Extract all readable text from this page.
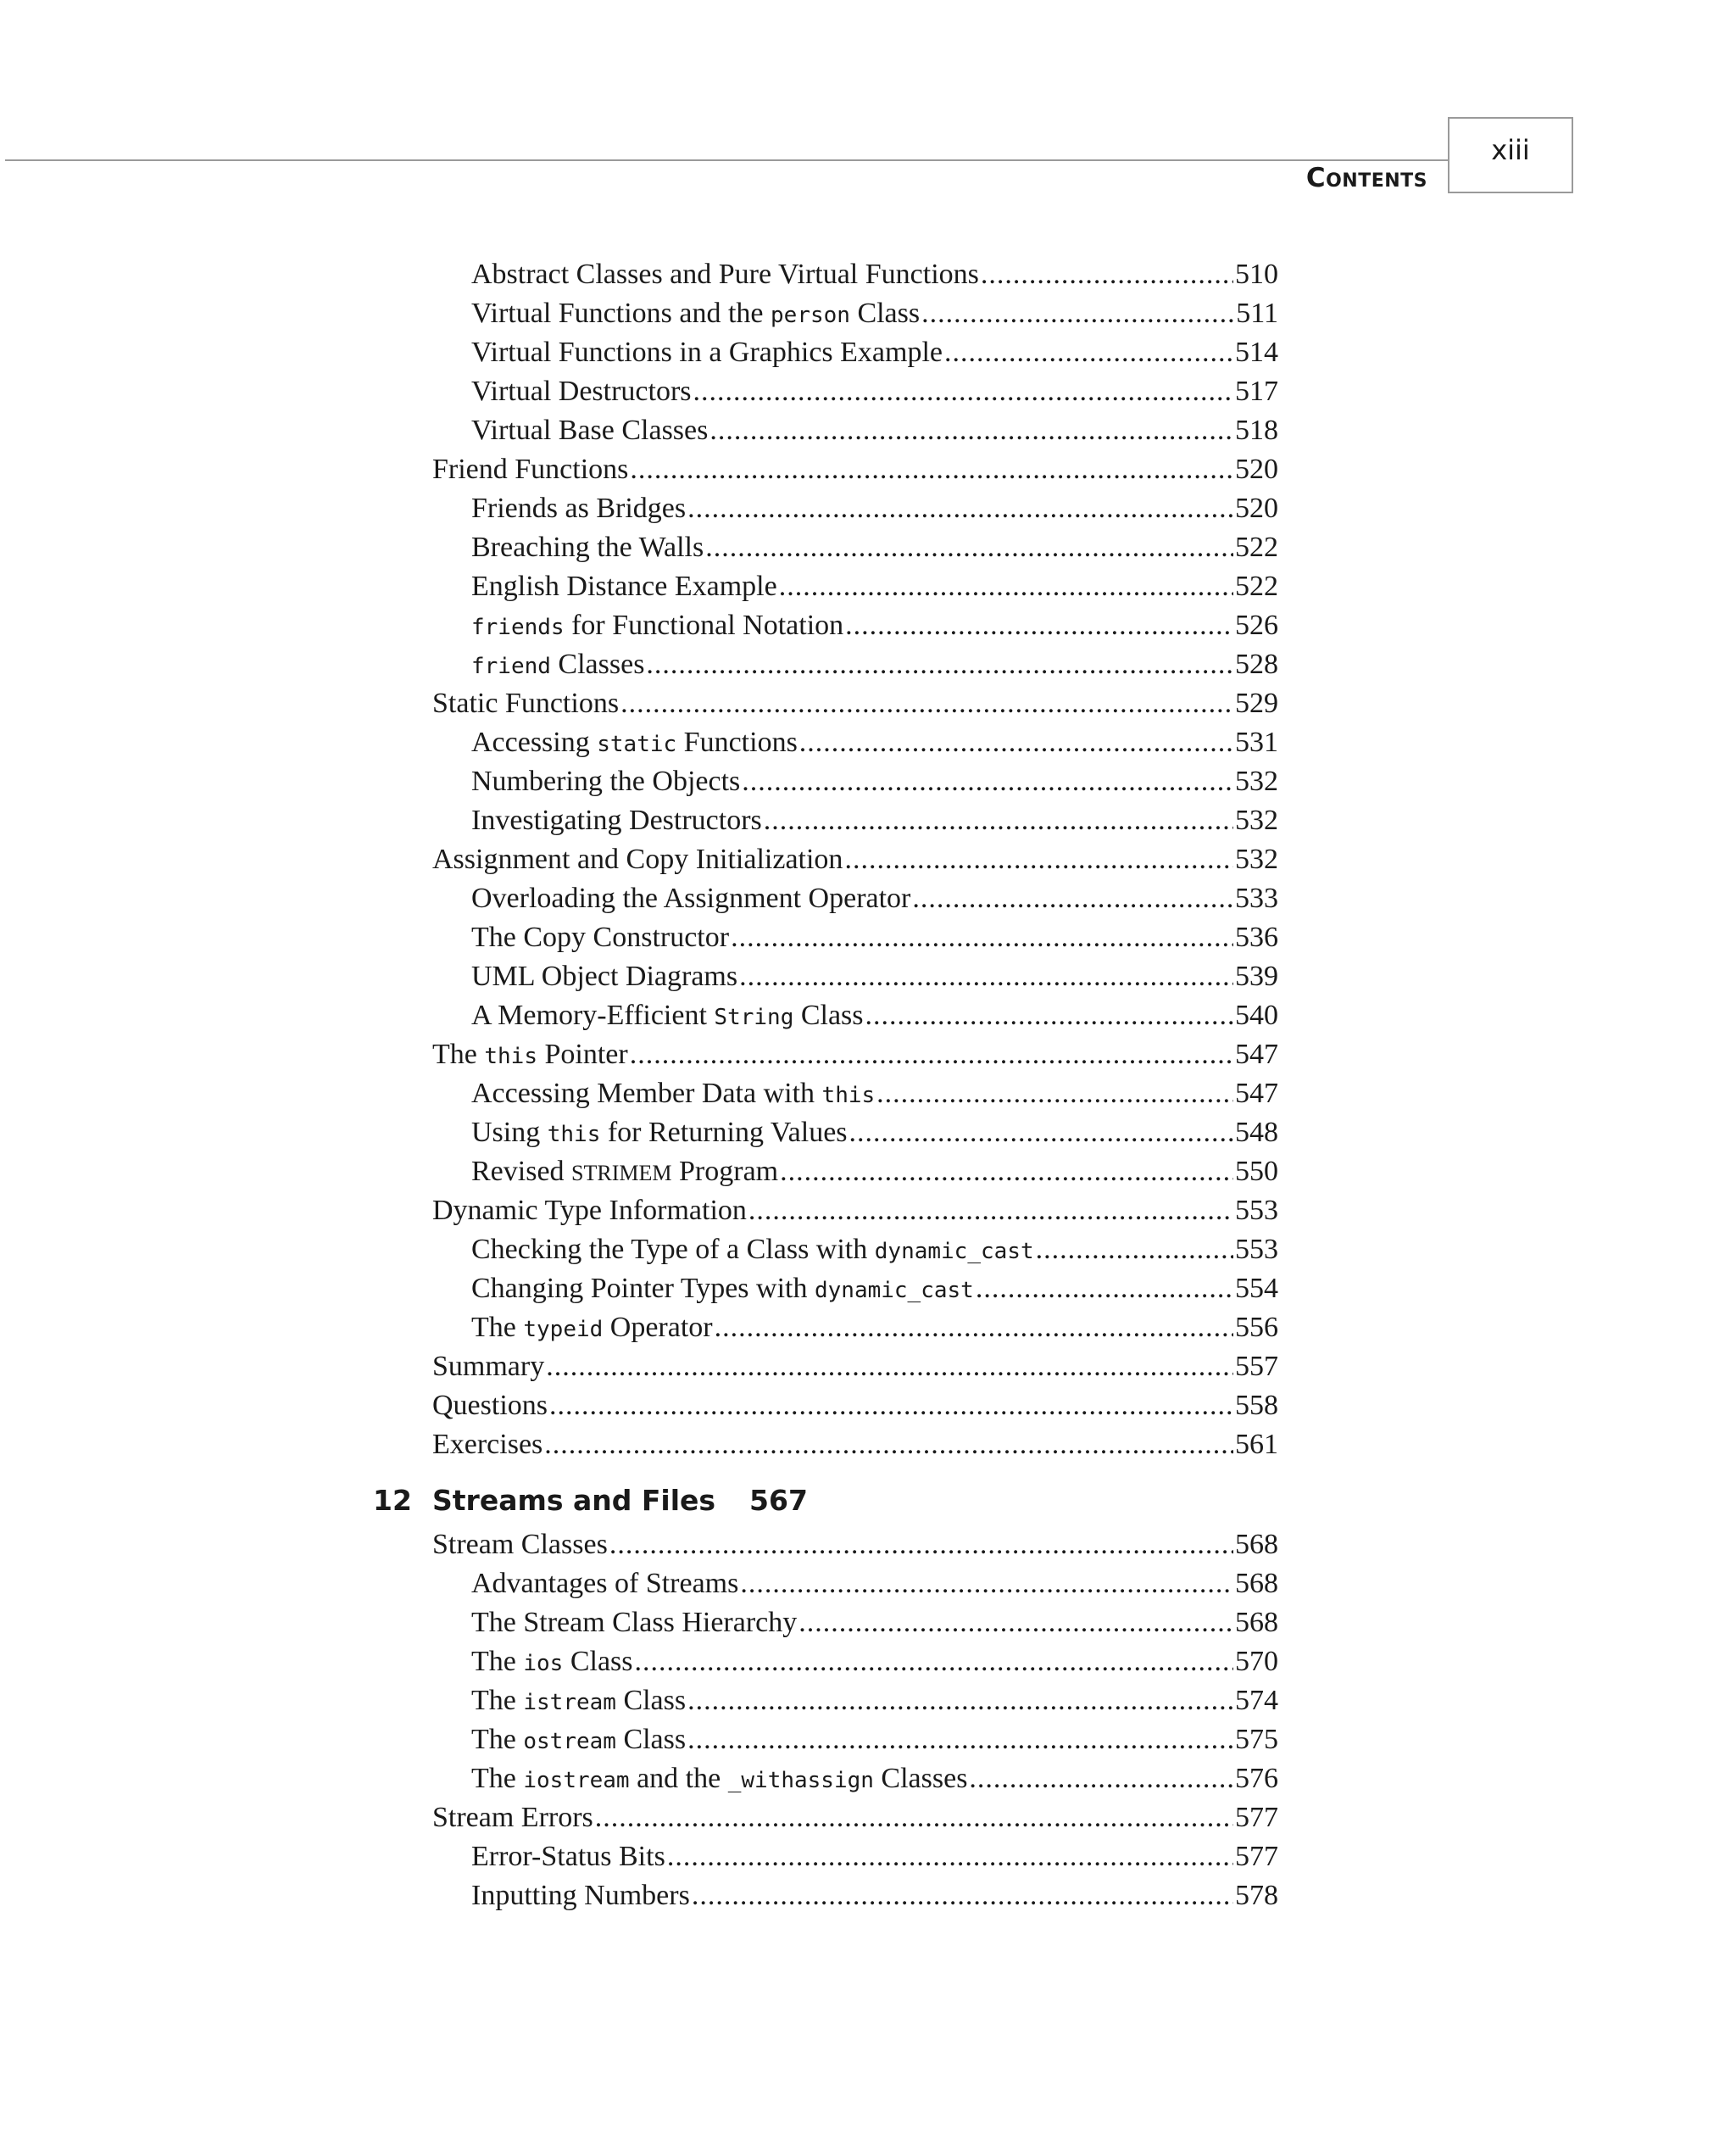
xiii
Contents
Abstract Classes and Pure Virtual Functions .....	510
Virtual Functions and the person Class .....	511
Virtual Functions in a Graphics Example .....	514
Virtual Destructors .....	517
Virtual Base Classes .....	518
Friend Functions .....	520
Friends as Bridges .....	520
Breaching the Walls .....	522
English Distance Example .....	522
friends for Functional Notation .....	526
friend Classes .....	528
Static Functions .....	529
Accessing static Functions .....	531
Numbering the Objects .....	532
Investigating Destructors .....	532
Assignment and Copy Initialization .....	532
Overloading the Assignment Operator .....	533
The Copy Constructor .....	536
UML Object Diagrams .....	539
A Memory-Efficient String Class .....	540
The this Pointer .....	547
Accessing Member Data with this .....	547
Using this for Returning Values .....	548
Revised STRIMEM Program .....	550
Dynamic Type Information .....	553
Checking the Type of a Class with dynamic_cast .....	553
Changing Pointer Types with dynamic_cast .....	554
The typeid Operator .....	556
Summary .....	557
Questions .....	558
Exercises .....	561
12 Streams and Files 567
Stream Classes .....	568
Advantages of Streams .....	568
The Stream Class Hierarchy .....	568
The ios Class .....	570
The istream Class .....	574
The ostream Class .....	575
The iostream and the _withassign Classes .....	576
Stream Errors .....	577
Error-Status Bits .....	577
Inputting Numbers .....	578
